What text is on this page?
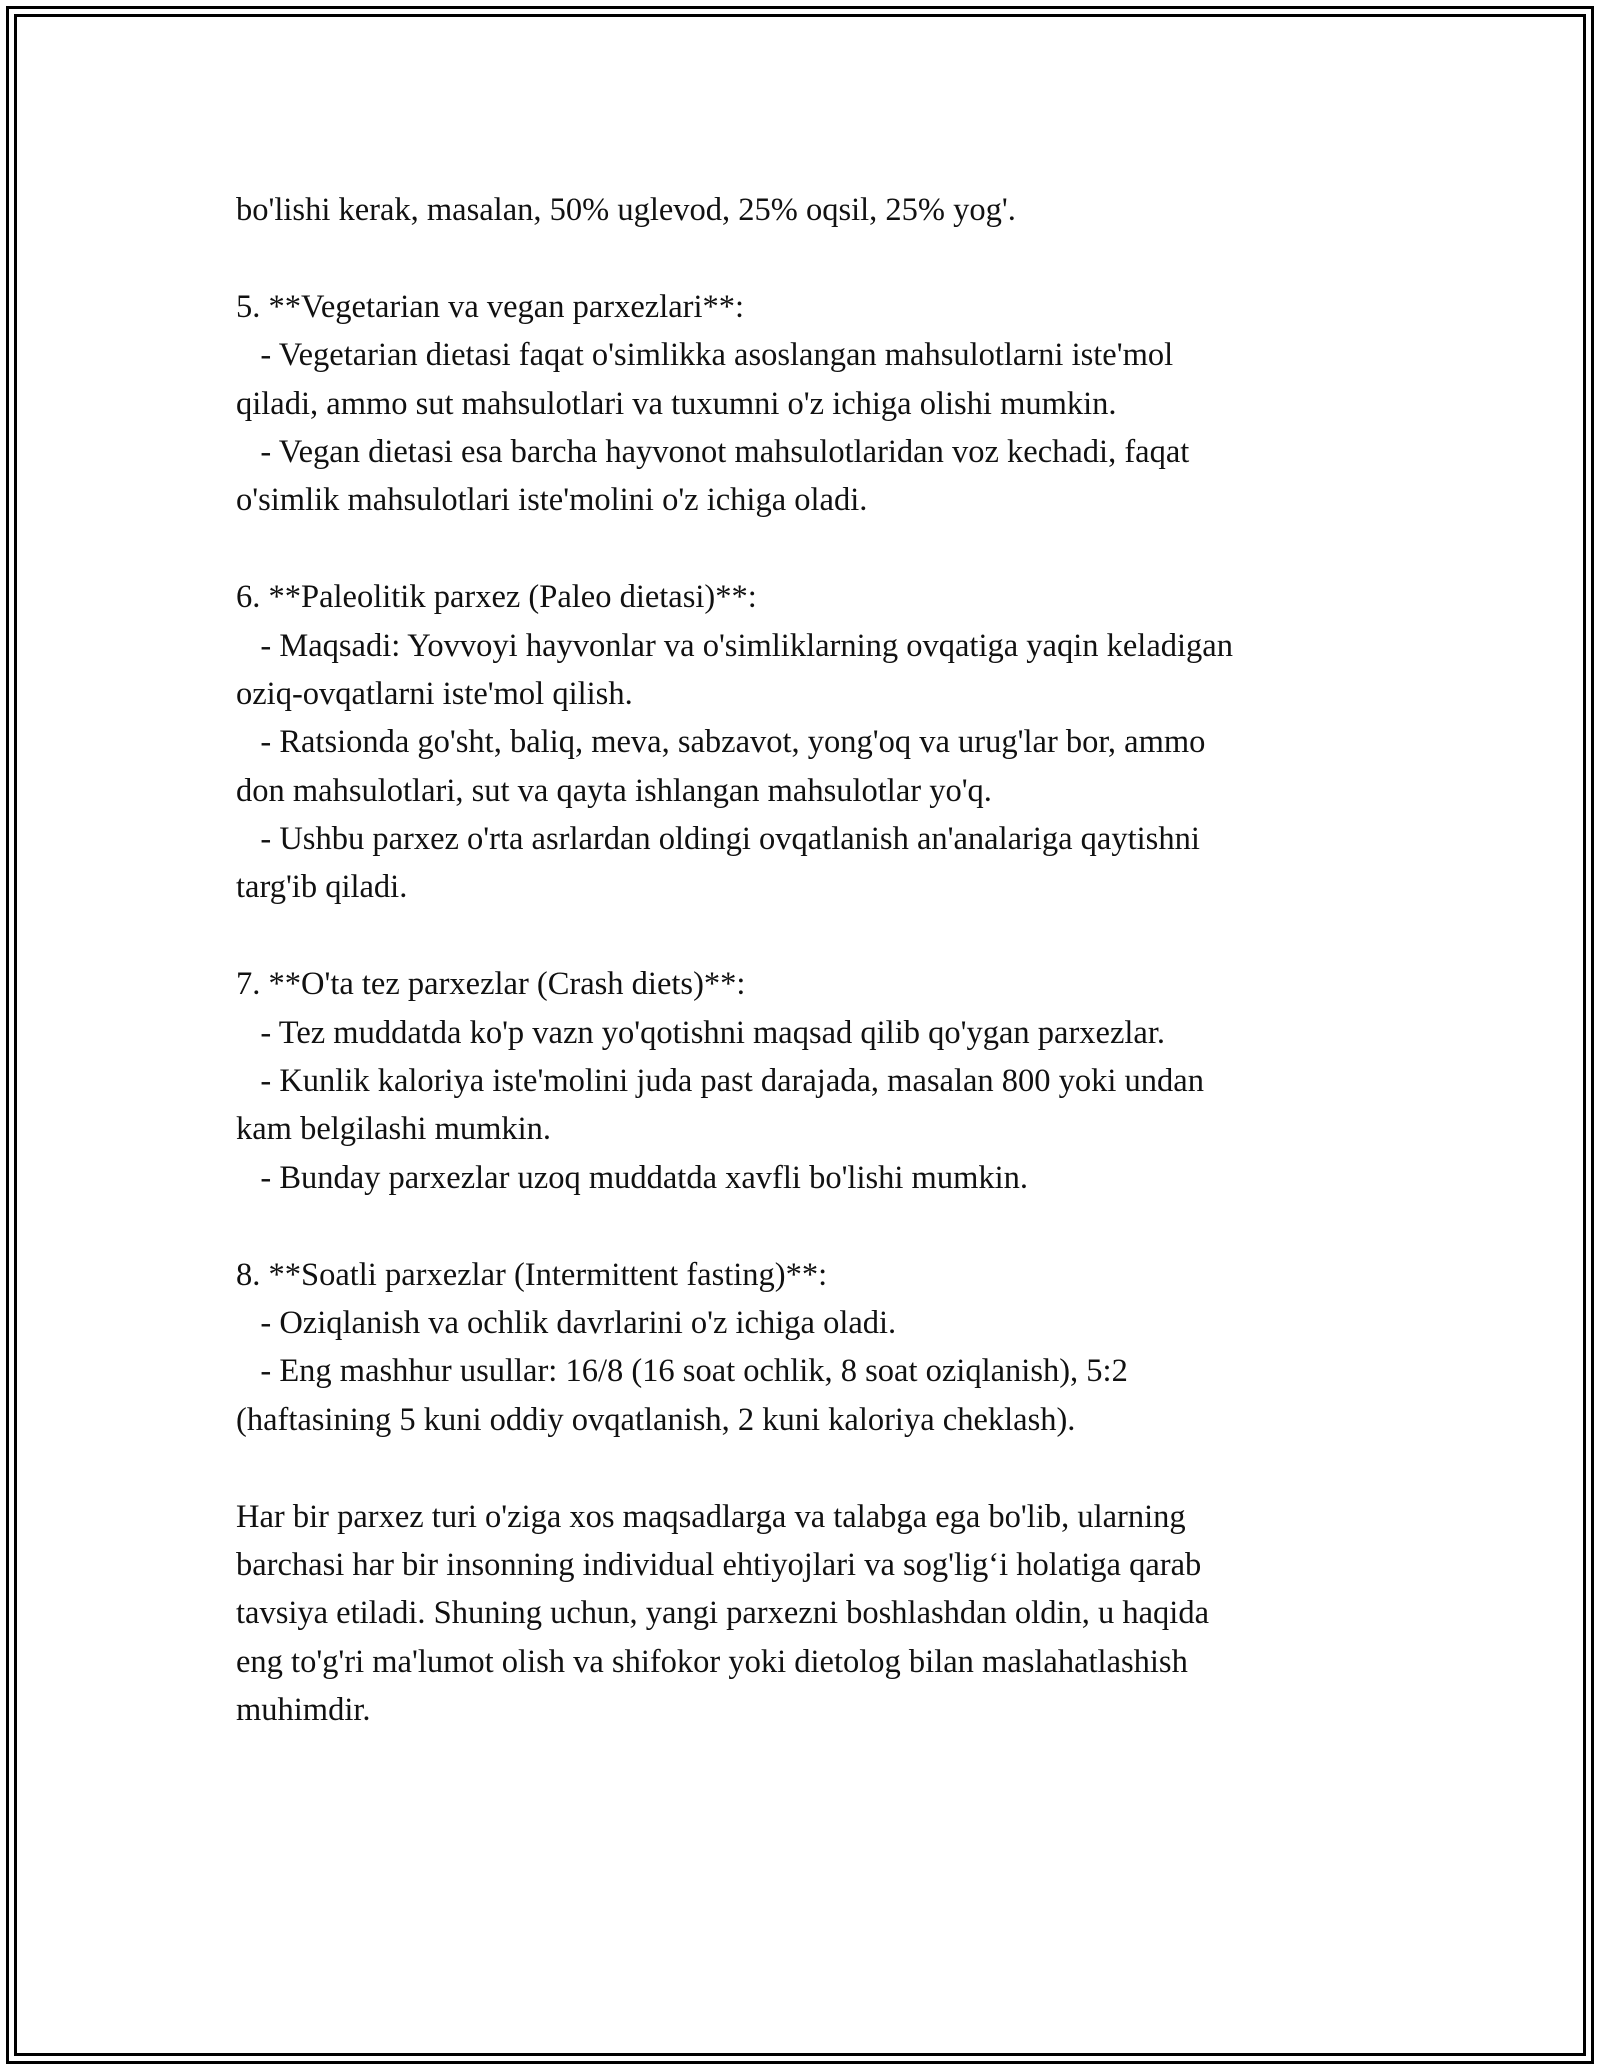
bo'lishi kerak, masalan, 50% uglevod, 25% oqsil, 25% yog'.
5. **Vegetarian va vegan parxezlari**:
- Vegetarian dietasi faqat o'simlikka asoslangan mahsulotlarni iste'mol
qiladi, ammo sut mahsulotlari va tuxumni o'z ichiga olishi mumkin.
- Vegan dietasi esa barcha hayvonot mahsulotlaridan voz kechadi, faqat
o'simlik mahsulotlari iste'molini o'z ichiga oladi.
6. **Paleolitik parxez (Paleo dietasi)**:
- Maqsadi: Yovvoyi hayvonlar va o'simliklarning ovqatiga yaqin keladigan
oziq-ovqatlarni iste'mol qilish.
- Ratsionda go'sht, baliq, meva, sabzavot, yong'oq va urug'lar bor, ammo
don mahsulotlari, sut va qayta ishlangan mahsulotlar yo'q.
- Ushbu parxez o'rta asrlardan oldingi ovqatlanish an'analariga qaytishni
targ'ib qiladi.
7. **O'ta tez parxezlar (Crash diets)**:
- Tez muddatda ko'p vazn yo'qotishni maqsad qilib qo'ygan parxezlar.
- Kunlik kaloriya iste'molini juda past darajada, masalan 800 yoki undan
kam belgilashi mumkin.
- Bunday parxezlar uzoq muddatda xavfli bo'lishi mumkin.
8. **Soatli parxezlar (Intermittent fasting)**:
- Oziqlanish va ochlik davrlarini o'z ichiga oladi.
- Eng mashhur usullar: 16/8 (16 soat ochlik, 8 soat oziqlanish), 5:2
(haftasining 5 kuni oddiy ovqatlanish, 2 kuni kaloriya cheklash).
Har bir parxez turi o'ziga xos maqsadlarga va talabga ega bo'lib, ularning
barchasi har bir insonning individual ehtiyojlari va sog'lig‘i holatiga qarab
tavsiya etiladi. Shuning uchun, yangi parxezni boshlashdan oldin, u haqida
eng to'g'ri ma'lumot olish va shifokor yoki dietolog bilan maslahatlashish
muhimdir.
